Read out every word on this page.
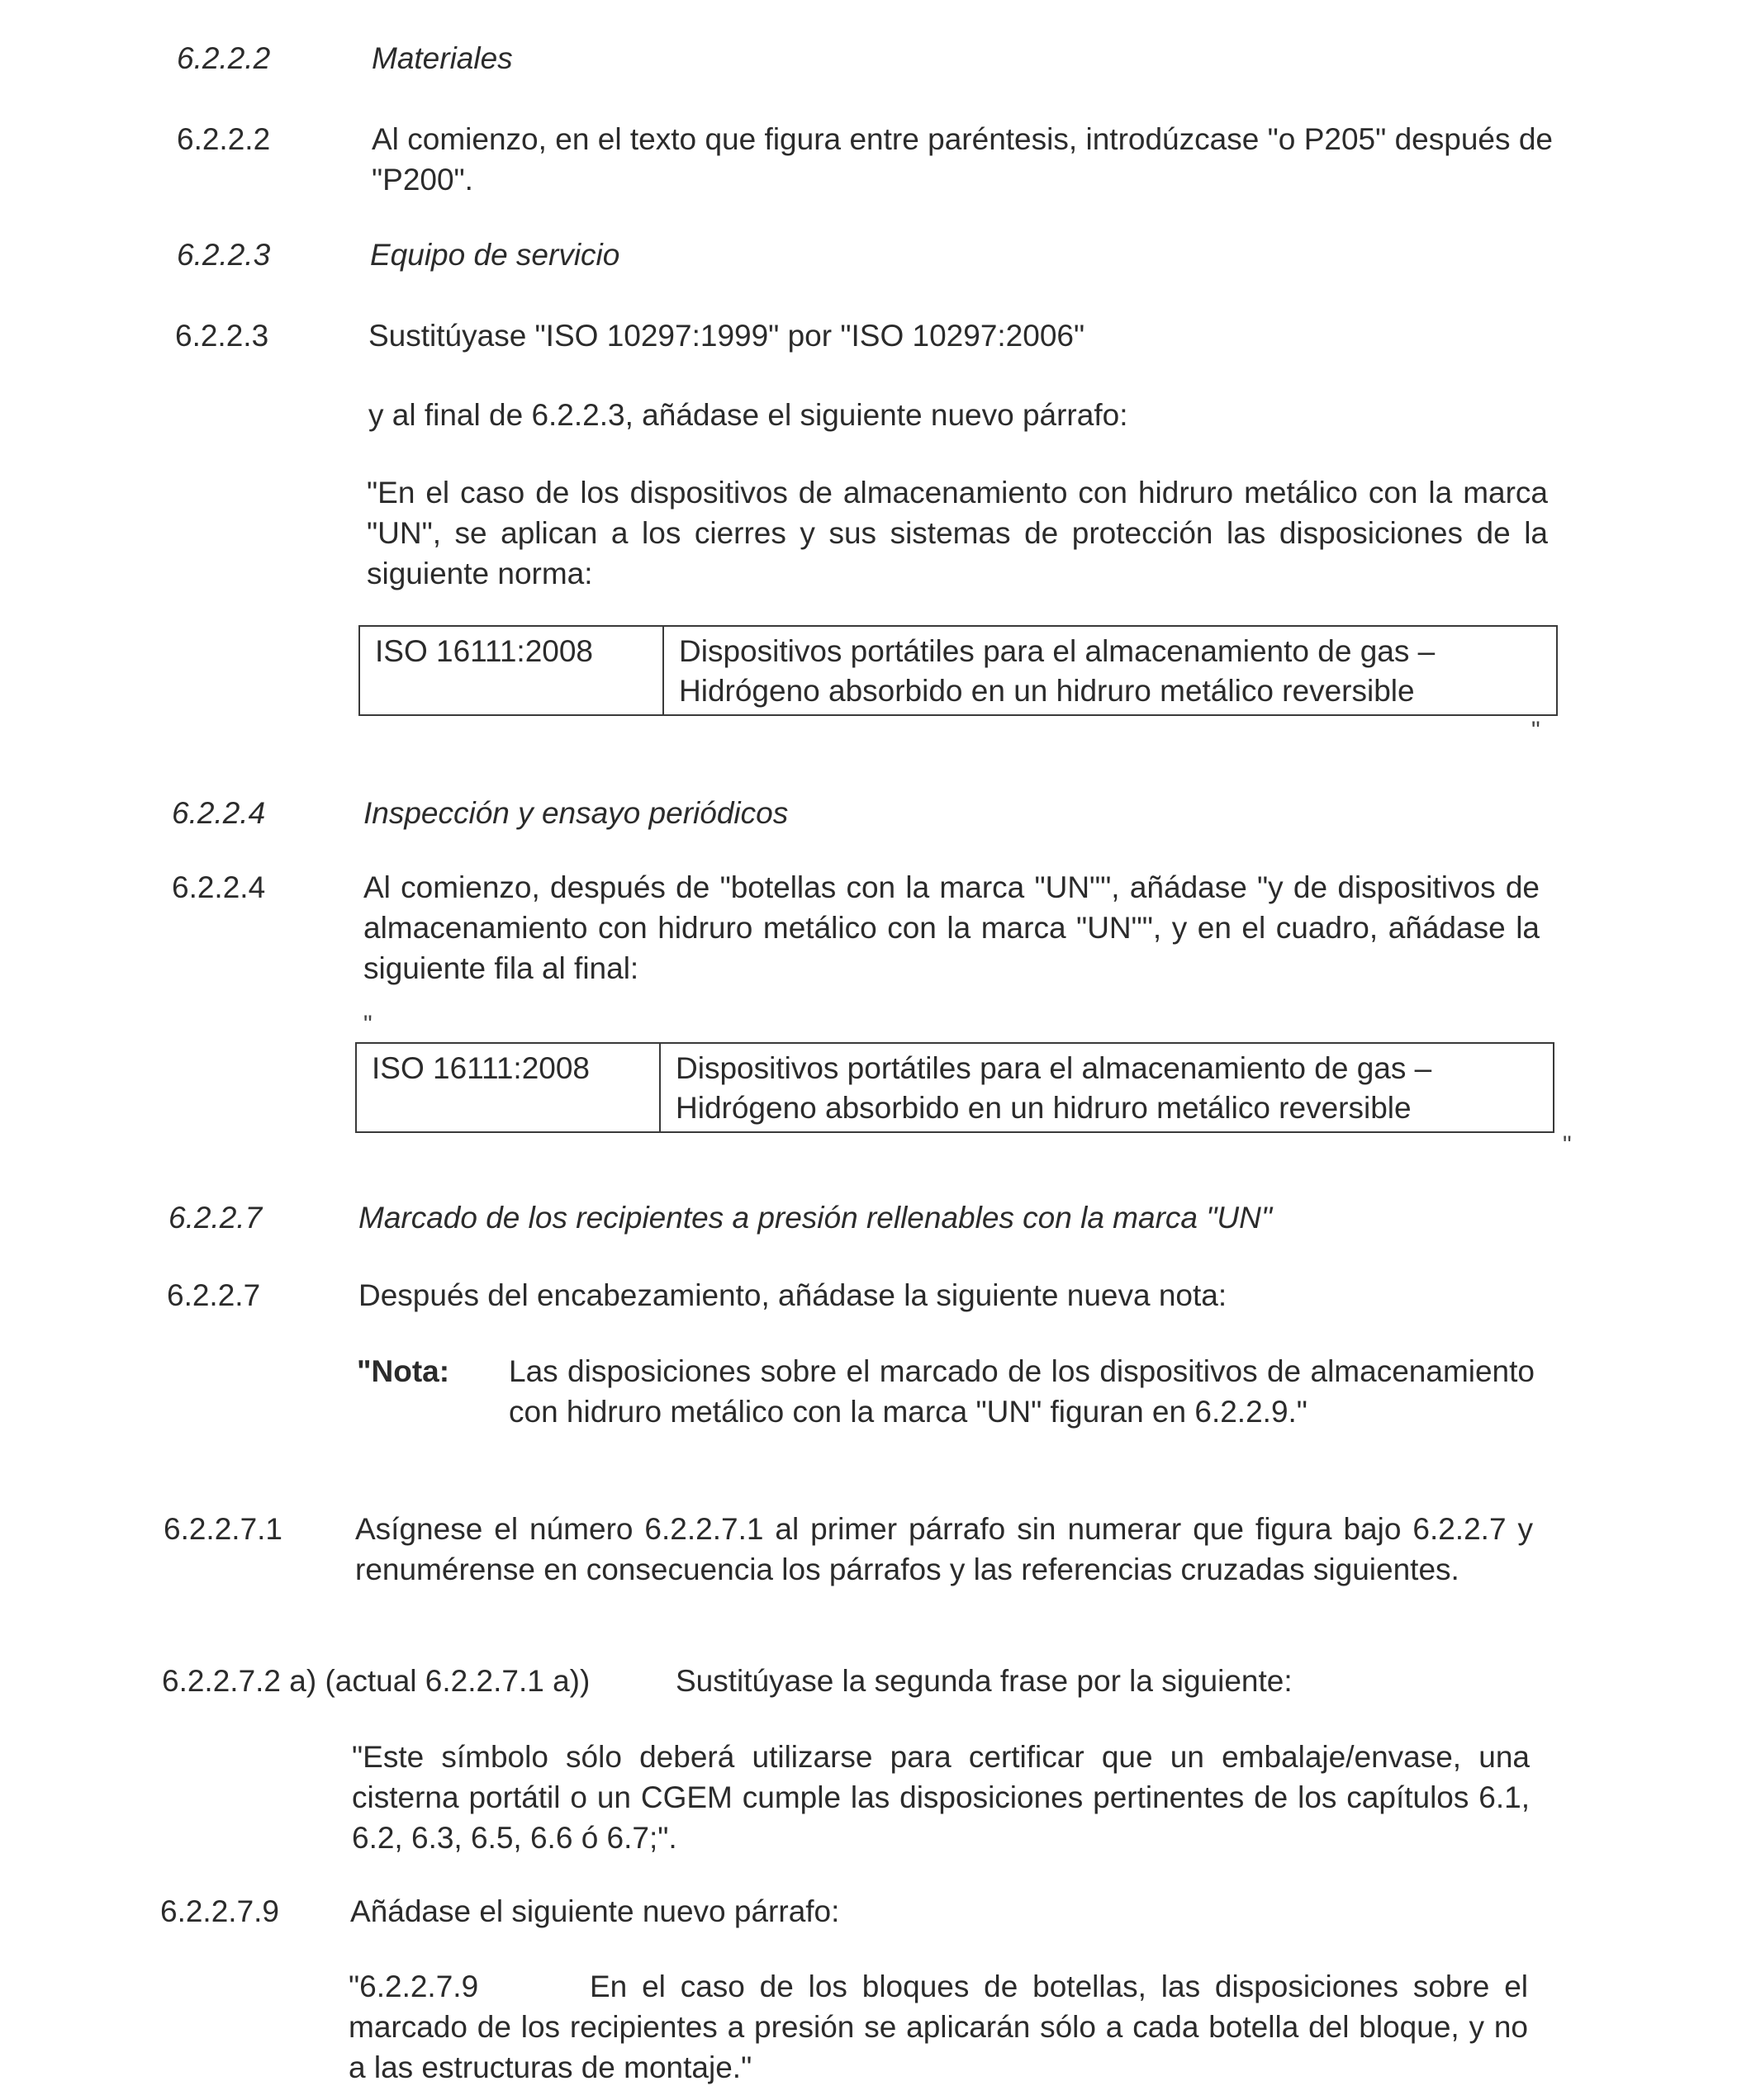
6.2.2.2	Materiales
6.2.2.2	Al comienzo, en el texto que figura entre paréntesis, introdúzcase "o P205" después de "P200".
6.2.2.3	Equipo de servicio
6.2.2.3	Sustitúyase "ISO 10297:1999" por "ISO 10297:2006"
y al final de 6.2.2.3, añádase el siguiente nuevo párrafo:
"En el caso de los dispositivos de almacenamiento con hidruro metálico con la marca "UN", se aplican a los cierres y sus sistemas de protección las disposiciones de la siguiente norma:
ISO 16111:2008	Dispositivos portátiles para el almacenamiento de gas – Hidrógeno absorbido en un hidruro metálico reversible
"
6.2.2.4	Inspección y ensayo periódicos
6.2.2.4	Al comienzo, después de "botellas con la marca "UN"", añádase "y de dispositivos de almacenamiento con hidruro metálico con la marca "UN"", y en el cuadro, añádase la siguiente fila al final:
"
ISO 16111:2008	Dispositivos portátiles para el almacenamiento de gas – Hidrógeno absorbido en un hidruro metálico reversible
"
6.2.2.7	Marcado de los recipientes a presión rellenables con la marca "UN"
6.2.2.7	Después del encabezamiento, añádase la siguiente nueva nota:
"Nota: Las disposiciones sobre el marcado de los dispositivos de almacenamiento con hidruro metálico con la marca "UN" figuran en 6.2.2.9."
6.2.2.7.1 Asígnese el número 6.2.2.7.1 al primer párrafo sin numerar que figura bajo 6.2.2.7 y renumérense en consecuencia los párrafos y las referencias cruzadas siguientes.
6.2.2.7.2 a) (actual 6.2.2.7.1 a))	Sustitúyase la segunda frase por la siguiente:
"Este símbolo sólo deberá utilizarse para certificar que un embalaje/envase, una cisterna portátil o un CGEM cumple las disposiciones pertinentes de los capítulos 6.1, 6.2, 6.3, 6.5, 6.6 ó 6.7;".
6.2.2.7.9 Añádase el siguiente nuevo párrafo:
"6.2.2.7.9	En el caso de los bloques de botellas, las disposiciones sobre el marcado de los recipientes a presión se aplicarán sólo a cada botella del bloque, y no a las estructuras de montaje."
